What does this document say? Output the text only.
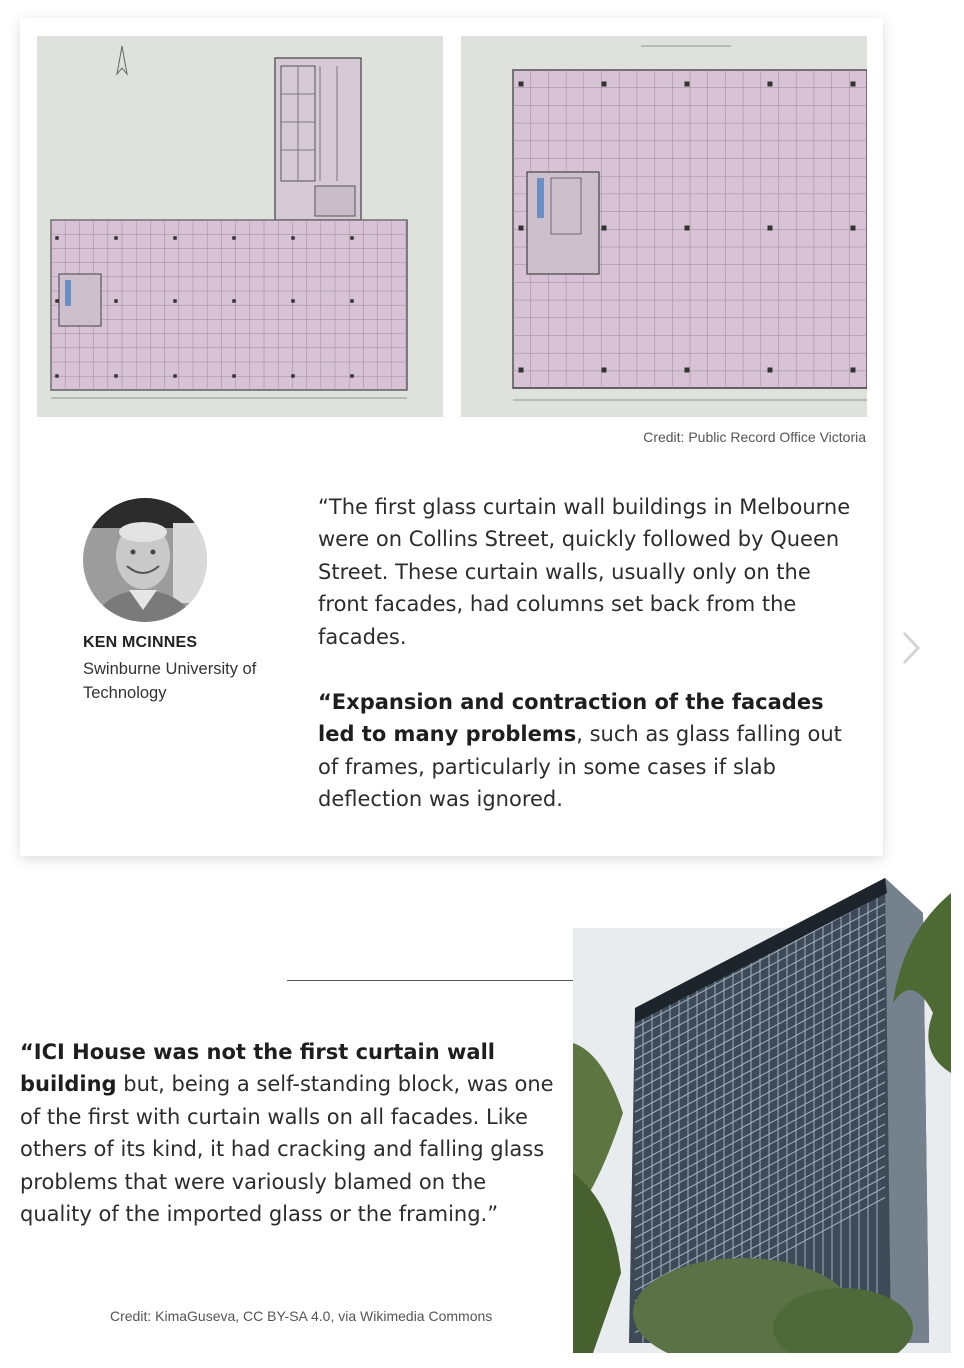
Credit: Public Record Office Victoria
KEN MCINNES
Swinburne University of Technology
“The first glass curtain wall buildings in Melbourne were on Collins Street, quickly followed by Queen Street. These curtain walls, usually only on the front facades, had columns set back from the facades.
“Expansion and contraction of the facades led to many problems, such as glass falling out of frames, particularly in some cases if slab deflection was ignored.
“ICI House was not the first curtain wall building but, being a self-standing block, was one of the first with curtain walls on all facades. Like others of its kind, it had cracking and falling glass problems that were variously blamed on the quality of the imported glass or the framing.”
Credit: KimaGuseva, CC BY-SA 4.0, via Wikimedia Commons
